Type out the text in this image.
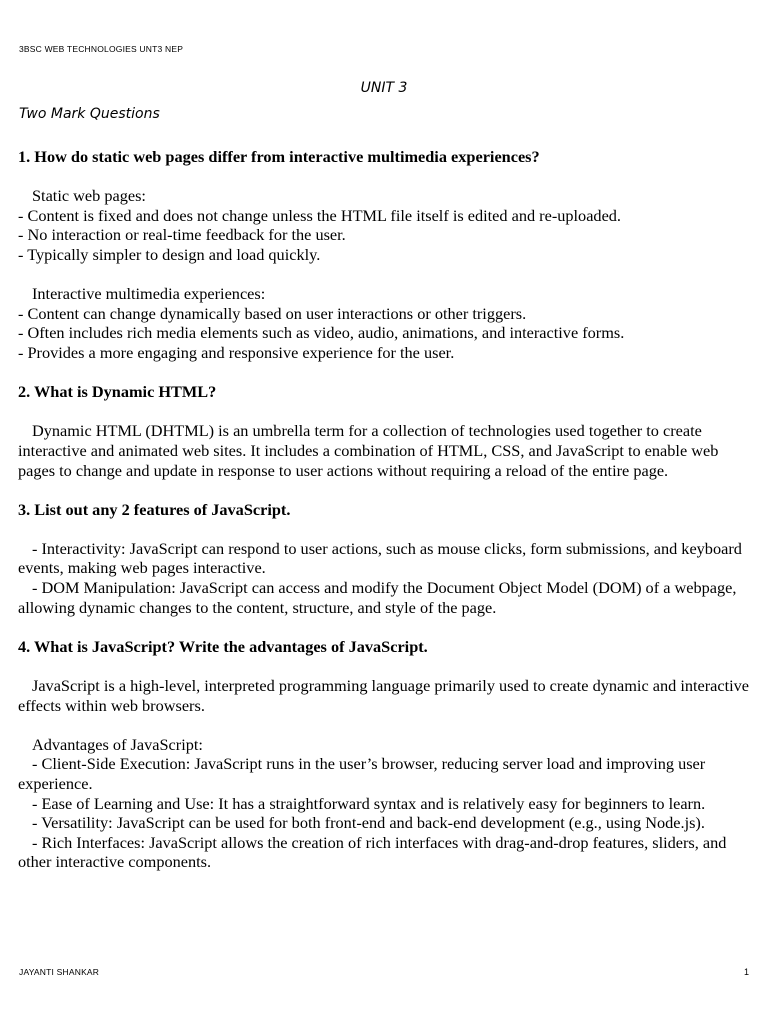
3BSC WEB TECHNOLOGIES UNT3 NEP
UNIT 3
Two Mark Questions

1. How do static web pages differ from interactive multimedia experiences?

Static web pages:

- Content is fixed and does not change unless the HTML file itself is edited and re-uploaded.

- No interaction or real-time feedback for the user.

- Typically simpler to design and load quickly.

Interactive multimedia experiences:

- Content can change dynamically based on user interactions or other triggers.

- Often includes rich media elements such as video, audio, animations, and interactive forms.

- Provides a more engaging and responsive experience for the user.

2. What is Dynamic HTML?

Dynamic HTML (DHTML) is an umbrella term for a collection of technologies used together to create interactive and animated web sites. It includes a combination of HTML, CSS, and JavaScript to enable web pages to change and update in response to user actions without requiring a reload of the entire page.

3. List out any 2 features of JavaScript.

- Interactivity: JavaScript can respond to user actions, such as mouse clicks, form submissions, and keyboard events, making web pages interactive.

- DOM Manipulation: JavaScript can access and modify the Document Object Model (DOM) of a webpage, allowing dynamic changes to the content, structure, and style of the page.

4. What is JavaScript? Write the advantages of JavaScript.

JavaScript is a high-level, interpreted programming language primarily used to create dynamic and interactive effects within web browsers.

Advantages of JavaScript:

- Client-Side Execution: JavaScript runs in the user’s browser, reducing server load and improving user experience.

- Ease of Learning and Use: It has a straightforward syntax and is relatively easy for beginners to learn.

- Versatility: JavaScript can be used for both front-end and back-end development (e.g., using Node.js).

- Rich Interfaces: JavaScript allows the creation of rich interfaces with drag-and-drop features, sliders, and other interactive components.

JAYANTI SHANKAR	1
